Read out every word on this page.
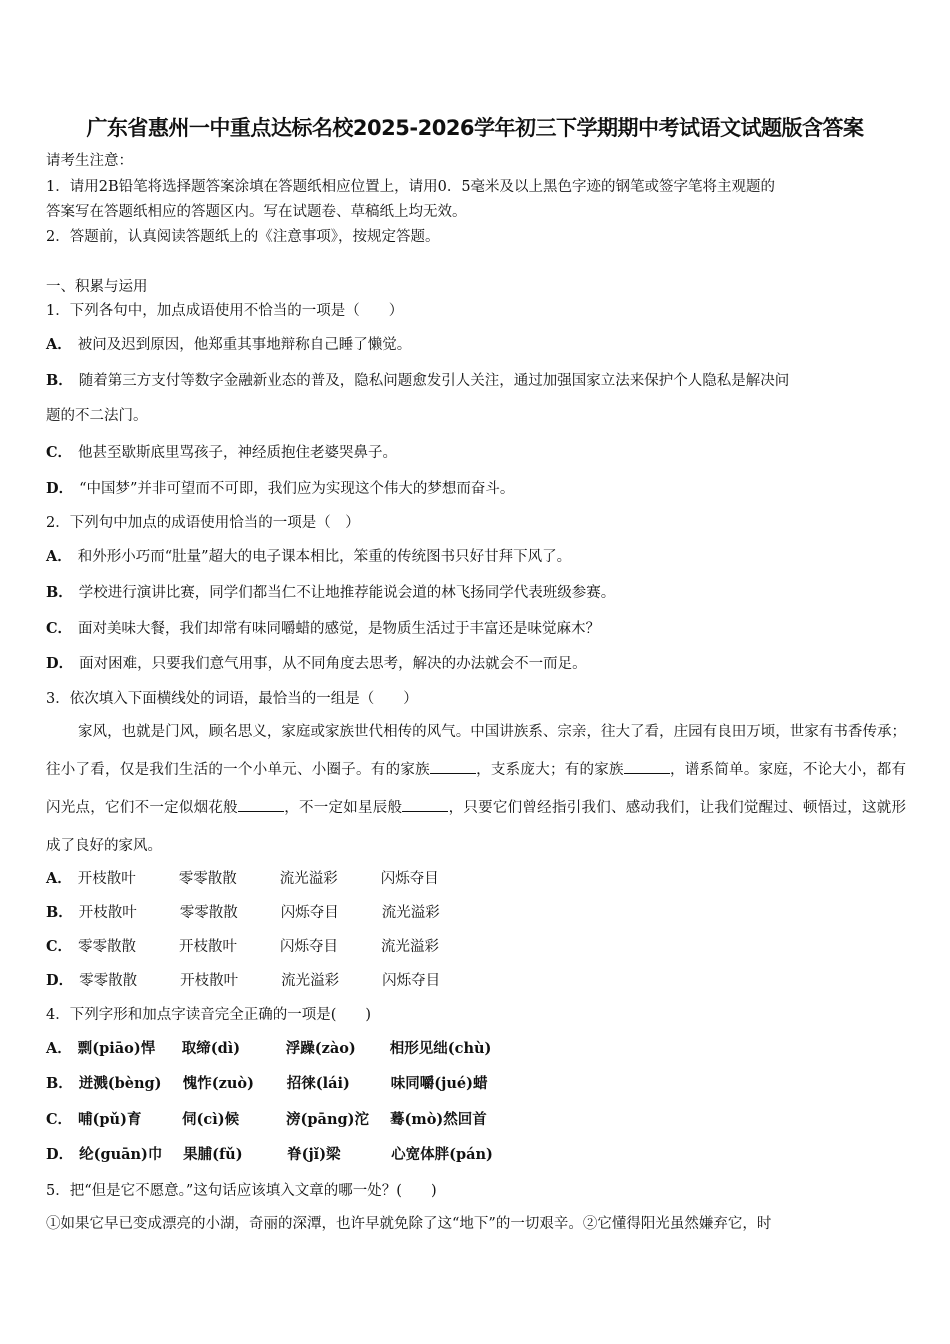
广东省惠州一中重点达标名校2025-2026学年初三下学期期中考试语文试题版含答案
请考生注意：
1．请用2B铅笔将选择题答案涂填在答题纸相应位置上，请用0．5毫米及以上黑色字迹的钢笔或签字笔将主观题的
答案写在答题纸相应的答题区内。写在试题卷、草稿纸上均无效。
2．答题前，认真阅读答题纸上的《注意事项》，按规定答题。
一、积累与运用
1．下列各句中，加点成语使用不恰当的一项是（　　）
A． 被问及迟到原因，他郑重其事地辩称自己睡了懒觉。
B． 随着第三方支付等数字金融新业态的普及，隐私问题愈发引人关注，通过加强国家立法来保护个人隐私是解决问
题的不二法门。
C． 他甚至歇斯底里骂孩子，神经质抱住老婆哭鼻子。
D． “中国梦”并非可望而不可即，我们应为实现这个伟大的梦想而奋斗。
2．下列句中加点的成语使用恰当的一项是（　）
A． 和外形小巧而“肚量”超大的电子课本相比，笨重的传统图书只好甘拜下风了。
B． 学校进行演讲比赛，同学们都当仁不让地推荐能说会道的林飞扬同学代表班级参赛。
C． 面对美味大餐，我们却常有味同嚼蜡的感觉，是物质生活过于丰富还是味觉麻木？
D． 面对困难，只要我们意气用事，从不同角度去思考，解决的办法就会不一而足。
3．依次填入下面横线处的词语，最恰当的一组是（　　）
家风，也就是门风，顾名思义，家庭或家族世代相传的风气。中国讲族系、宗亲，往大了看，庄园有良田万顷，世家有书香传承；往小了看，仅是我们生活的一个小单元、小圈子。有的家族	，支系庞大；有的家族	，谱系简单。家庭，不论大小，都有闪光点，它们不一定似烟花般	，不一定如星辰般	，只要它们曾经指引我们、感动我们，让我们觉醒过、顿悟过，这就形成了良好的家风。
A． 开枝散叶	零零散散	流光溢彩	闪烁夺目
B． 开枝散叶	零零散散	闪烁夺目	流光溢彩
C． 零零散散	开枝散叶	闪烁夺目	流光溢彩
D． 零零散散	开枝散叶	流光溢彩	闪烁夺目
4．下列字形和加点字读音完全正确的一项是(　　)
A． 剽(piāo)悍 取缔(dì)	浮躁(zào) 相形见绌(chù)
B． 迸溅(bèng) 愧怍(zuò) 招徕(lái)	味同嚼(jué)蜡
C． 哺(pǔ)育	伺(cì)候	滂(pāng)沱 蓦(mò)然回首
D． 纶(guān)巾 果脯(fǔ)	脊(jǐ)梁	心宽体胖(pán)
5．把“但是它不愿意。”这句话应该填入文章的哪一处？(　　)
①如果它早已变成漂亮的小湖，奇丽的深潭，也许早就免除了这“地下”的一切艰辛。②它懂得阳光虽然嫌弃它，时
